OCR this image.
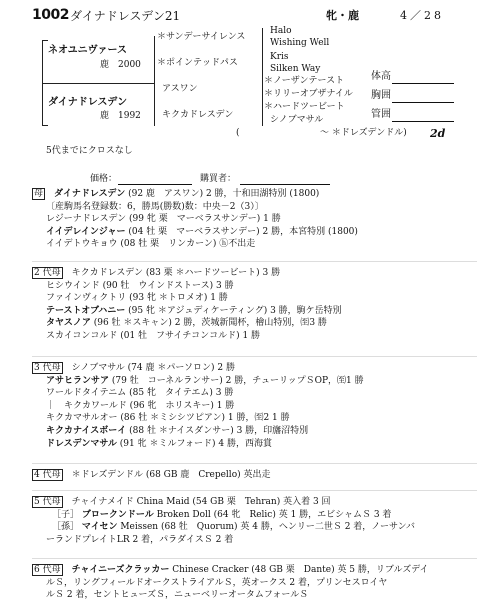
1002 ダイナドレスデン21	牝・鹿	4／28
ネオユニヴァース
鹿　2000
ダイナドレスデン
鹿　1992
＊サンデーサイレンス
＊ポインテッドパス
アスワン
キクカドレスデン
Halo
Wishing Well
Kris
Silken Way
＊ノーザンテースト
＊リリーオブザナイル
＊ハードツービート
シノブマサル
体高
胸囲
管囲
(	～ ＊ドレズデンドル) 2d
5代までにクロスなし
価格：	購買者：
母　 ダイナドレスデン (92 鹿　アスワン) 2 勝，十和田湖特別 (1800)
〔産駒馬名登録数：6，勝馬(勝数)数：中央－2（3）〕
レジーナドレスデン (99 牝 栗　マーベラスサンデー) 1 勝
イイデレインジャー (04 牡 栗　マーベラスサンデー) 2 勝，本宮特別 (1800)
イイデトウキョウ (08 牡 栗　リンカーン) ⓗ不出走
2 代母　 キクカドレスデン (83 栗 ＊ハードツービート) 3 勝
ヒシウインド (90 牡　ウインドストース) 3 勝
ファインヴィクトリ (93 牝 ＊トロメオ) 1 勝
テーストオブハニー (95 牝 ＊アジュディケーティング) 3 勝，駒ケ岳特別
タヤスノア (96 牡 ＊スキャン) 2 勝，茨城新聞杯，檜山特別，㉃3 勝
スカイコンコルド (01 牡　フサイチコンコルド) 1 勝
3 代母　 シノブマサル (74 鹿 ＊パーソロン) 2 勝
アサヒランサア (79 牡　コーネルランサー) 2 勝，チューリップＳOP，㉃1 勝
ワールドタイテニム (85 牝　タイテエム) 3 勝
｜　キクカワールド (96 牝　ホリスキー) 1 勝
キクカマサルオー (86 牡 ＊ミシシツピアン) 1 勝，㉃2 1 勝
キクカナイスボーイ (88 牡 ＊ナイスダンサー) 3 勝，印旛沼特別
ドレスデンマサル (91 牝 ＊ミルフォード) 4 勝，西海賞
4 代母　 ＊ドレズデンドル (68 GB 鹿　Crepello) 英出走
5 代母　 チャイナメイド China Maid (54 GB 栗　Tehran) 英入着 3 回
［子］ ブロークンドール Broken Doll (64 牝　Relic) 英 1 勝，エビシャムＳ 3 着
［孫］ マイセン Meissen (68 牡　Quorum) 英 4 勝，ヘンリー二世Ｓ 2 着，ノーサンバ
ーランドプレイトLR 2 着，パラダイスＳ 2 着
6 代母　 チャイニーズクラッカー Chinese Cracker (48 GB 栗　Dante) 英 5 勝，リブルズデイ
ルＳ，リングフィールドオークストライアルＳ，英オークス 2 着，プリンセスロイヤ
ルＳ 2 着，セントヒューズＳ，ニューベリーオータムフォールＳ
